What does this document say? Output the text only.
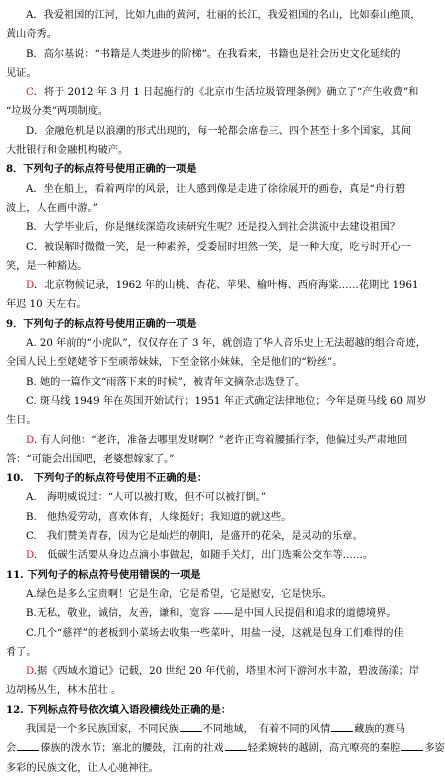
A．我爱祖国的江河，比如九曲的黄河，壮丽的长江，我爱祖国的名山，比如泰山绝顶，
黄山奇秀。
B．高尔基说：“书籍是人类进步的阶梯”。在我看来，书籍也是社会历史文化延续的
见证。
C．将于 2012 年 3 月 1 日起施行的《北京市生活垃圾管理条例》确立了“产生收费”和
“垃圾分类”两项制度。
D．金融危机是以浪潮的形式出现的，每一轮都会席卷三、四个甚至十多个国家，其间
大批银行和金融机构破产。
8．下列句子的标点符号使用正确的一项是
A．坐在船上，看着两岸的风景，让人感到像是走进了徐徐展开的画卷，真是“舟行碧
波上，人在画中游。”
B．大学毕业后，你是继续深造攻读研究生呢？还是投入到社会洪流中去建设祖国？
C．被误解时微微一笑，是一种素养，受委屈时坦然一笑，是一种大度，吃亏时开心一
笑，是一种豁达。
D．北京物候记录，1962 年的山桃、杏花、苹果、榆叶梅、西府海棠……花期比 1961
年迟 10 天左右。
9．下列句子的标点符号使用正确的一项是
A. 20 年前的“小虎队”，仅仅存在了 3 年，就创造了华人音乐史上无法超越的组合奇迹，
全国人民上至姥姥爷下至顽蒂妹妹，下至金铭小妹妹，全是他们的“粉丝”。
B. 她的一篇作文“雨落下来的时候”，被青年文摘杂志选登了。
C. 斑马线 1949 年在英国开始试行；1951 年正式确定法律地位；今年是斑马线 60 周岁
生日。
D. 有人问他：“老许，准备去哪里发财啊？”老许正弯着腰插行李，他偏过头严肃地回
答：“可能会出国吧，老婆想嫁家了。”
10.　下列句子的标点符号使用不正确的是：
A.　海明威说过：“人可以被打败，但不可以被打倒。”
B.　他热爱劳动，喜欢体育，人缘挺好；我知道的就这些。
C.　我们赞美青春，因为它是灿烂的朝阳，是盛开的花朵，是灵动的乐章。
D.　低碳生活要从身边点滴小事做起，如随手关灯，出门选乘公交车等……。
11. 下列句子的标点符号使用错误的一项是
A.绿色是多么宝贵啊！它是生命，它是希望，它是慰安，它是快乐。
B.无私，敬业，诚信，友善，谦和，宽容 ——是中国人民提倡和追求的道德境界。
C.几个“慈祥”的老板到小菜场去收集一些菜叶，用盐一浸，这就是包身工们难得的佳
肴了。
D.据《西域水道记》记载，20 世纪 20 年代前，塔里木河下游河水丰盈，碧波荡漾；岸
边胡杨丛生，林木茁壮 。
12. 下列标点符号依次填入语段横线处正确的是：
我国是一个多民族国家，不同民族 不同地域，　有着不同的风情 藏族的赛马
会 傣族的泼水节；塞北的腰鼓，江南的社戏 轻柔婉转的越剧，高亢嘹亮的秦腔 多姿
多彩的民族文化，让人心驰神往。
